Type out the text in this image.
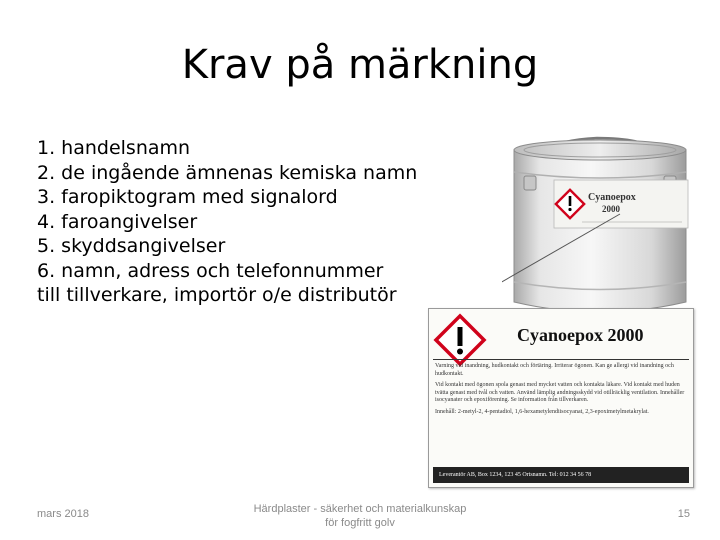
Krav på märkning
1. handelsnamn
2. de ingående ämnenas kemiska namn
3. faropiktogram med signalord
4. faroangivelser
5. skyddsangivelser
6. namn, adress och telefonnummer
till tillverkare, importör o/e distributör
Cyanoepox
2000
Cyanoepox 2000

Varning vid inandning, hudkontakt och förtäring. Irriterar ögonen. Kan ge allergi vid inandning och hudkontakt.

Vid kontakt med ögonen spola genast med mycket vatten och kontakta läkare. Vid kontakt med huden tvätta genast med tvål och vatten. Använd lämplig andningsskydd vid otillräcklig ventilation. Innehåller isocyanater och epoxiförening. Se information från tillverkaren.

Innehåll: 2-metyl-2, 4-pentadiol, 1,6-hexametylendiisocyanat, 2,3-epoximetylmetakrylat.

Leverantör AB, Box 1234, 123 45 Ortsnamn. Tel: 012 34 56 78
mars 2018	Härdplaster - säkerhet och materialkunskap
för fogfritt golv
15
